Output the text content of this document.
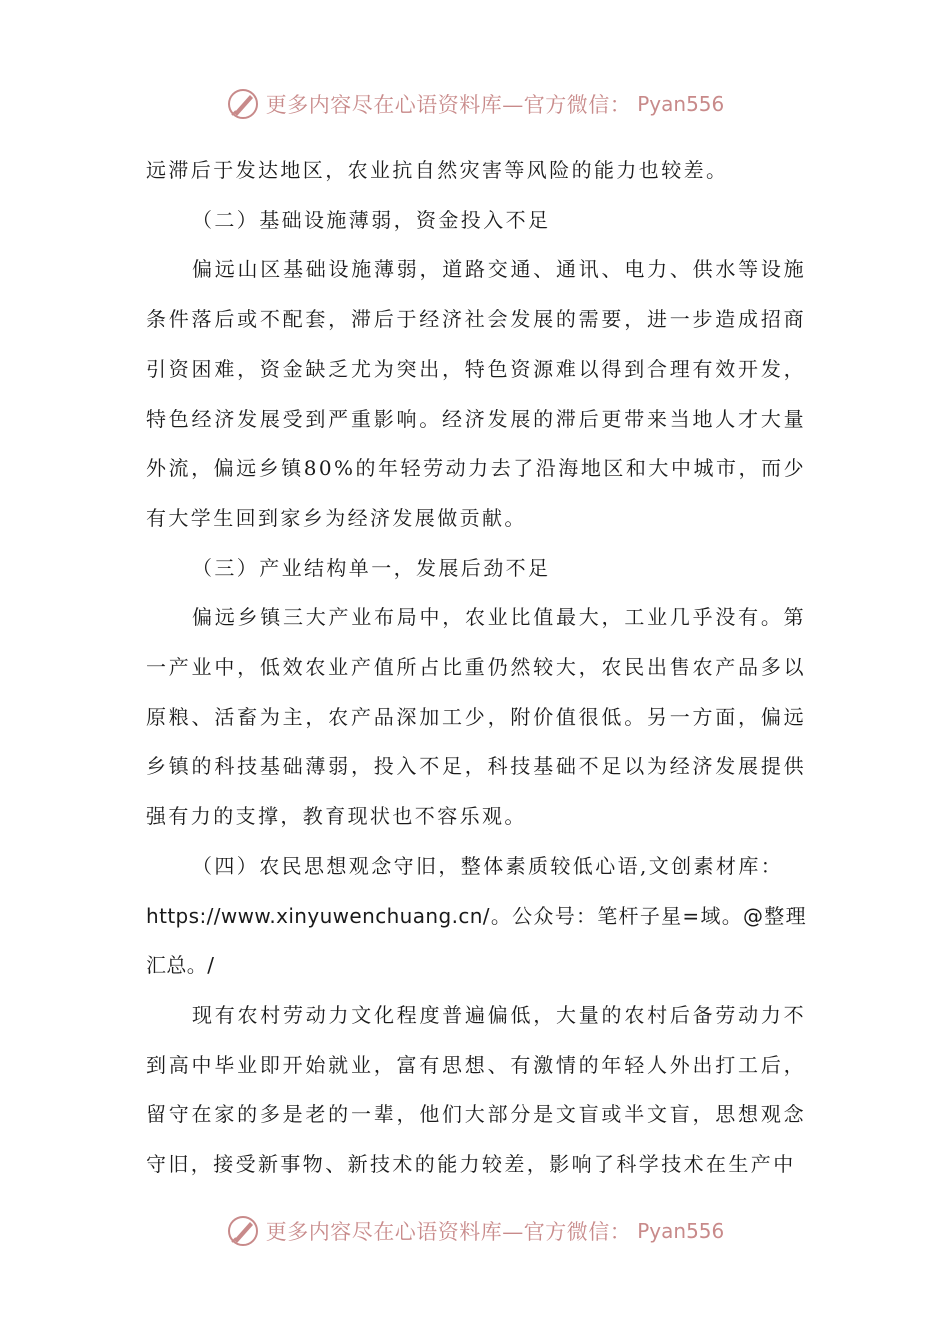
更多内容尽在心语资料库—官方微信： Pyan556

远滞后于发达地区，农业抗自然灾害等风险的能力也较差。

（二）基础设施薄弱，资金投入不足

偏远山区基础设施薄弱，道路交通、通讯、电力、供水等设施条件落后或不配套，滞后于经济社会发展的需要，进一步造成招商引资困难，资金缺乏尤为突出，特色资源难以得到合理有效开发，特色经济发展受到严重影响。经济发展的滞后更带来当地人才大量外流，偏远乡镇80%的年轻劳动力去了沿海地区和大中城市，而少有大学生回到家乡为经济发展做贡献。

（三）产业结构单一，发展后劲不足

偏远乡镇三大产业布局中，农业比值最大，工业几乎没有。第一产业中，低效农业产值所占比重仍然较大，农民出售农产品多以原粮、活畜为主，农产品深加工少，附价值很低。另一方面，偏远乡镇的科技基础薄弱，投入不足，科技基础不足以为经济发展提供强有力的支撑，教育现状也不容乐观。

（四）农民思想观念守旧，整体素质较低心语,文创素材库：

https://www.xinyuwenchuang.cn/。公众号：笔杆子星=域。@整理汇总。/

现有农村劳动力文化程度普遍偏低，大量的农村后备劳动力不到高中毕业即开始就业，富有思想、有激情的年轻人外出打工后，留守在家的多是老的一辈，他们大部分是文盲或半文盲，思想观念守旧，接受新事物、新技术的能力较差，影响了科学技术在生产中

更多内容尽在心语资料库—官方微信： Pyan556
